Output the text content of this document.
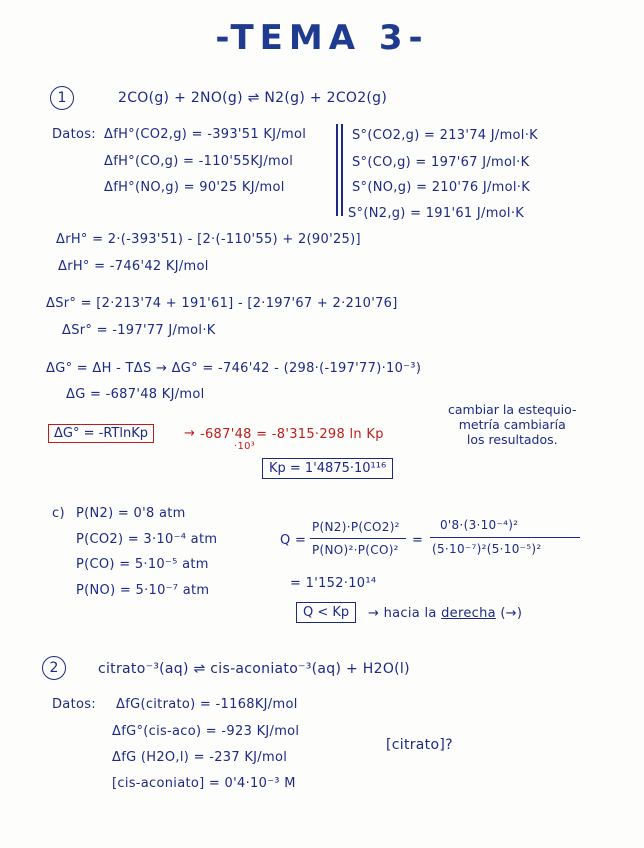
-TEMA 3-
1	2CO(g) + 2NO(g) ⇌ N2(g) + 2CO2(g)
Datos: ΔfH°(CO2,g) = -393'51 KJ/mol
ΔfH°(CO,g) = -110'55KJ/mol
ΔfH°(NO,g) = 90'25 KJ/mol
S°(CO2,g) = 213'74 J/mol·K
S°(CO,g) = 197'67 J/mol·K
S°(NO,g) = 210'76 J/mol·K
S°(N2,g) = 191'61 J/mol·K
ΔrH° = 2·(-393'51) - [2·(-110'55) + 2(90'25)]
ΔrH° = -746'42 KJ/mol
ΔSr° = [2·213'74 + 191'61] - [2·197'67 + 2·210'76]
ΔSr° = -197'77 J/mol·K
ΔG° = ΔH - TΔS → ΔG° = -746'42 - (298·(-197'77)·10⁻³)
ΔG = -687'48 KJ/mol
ΔG° = -RTlnKp	→ -687'48 = -8'315·298 ln Kp
·10³
cambiar la estequio-
metría cambiaría
los resultados.
Kp = 1'4875·10¹¹⁶
c) P(N2) = 0'8 atm
P(CO2) = 3·10⁻⁴ atm
P(CO) = 5·10⁻⁵ atm
P(NO) = 5·10⁻⁷ atm
Q =
P(N2)·P(CO2)²
P(NO)²·P(CO)²
=
0'8·(3·10⁻⁴)²
(5·10⁻⁷)²(5·10⁻⁵)²
= 1'152·10¹⁴
Q < Kp	→ hacia la derecha (→)
2	citrato⁻³(aq) ⇌ cis-aconiato⁻³(aq) + H2O(l)
Datos: ΔfG(citrato) = -1168KJ/mol
ΔfG°(cis-aco) = -923 KJ/mol
ΔfG (H2O,l) = -237 KJ/mol
[cis-aconiato] = 0'4·10⁻³ M
[citrato]?
